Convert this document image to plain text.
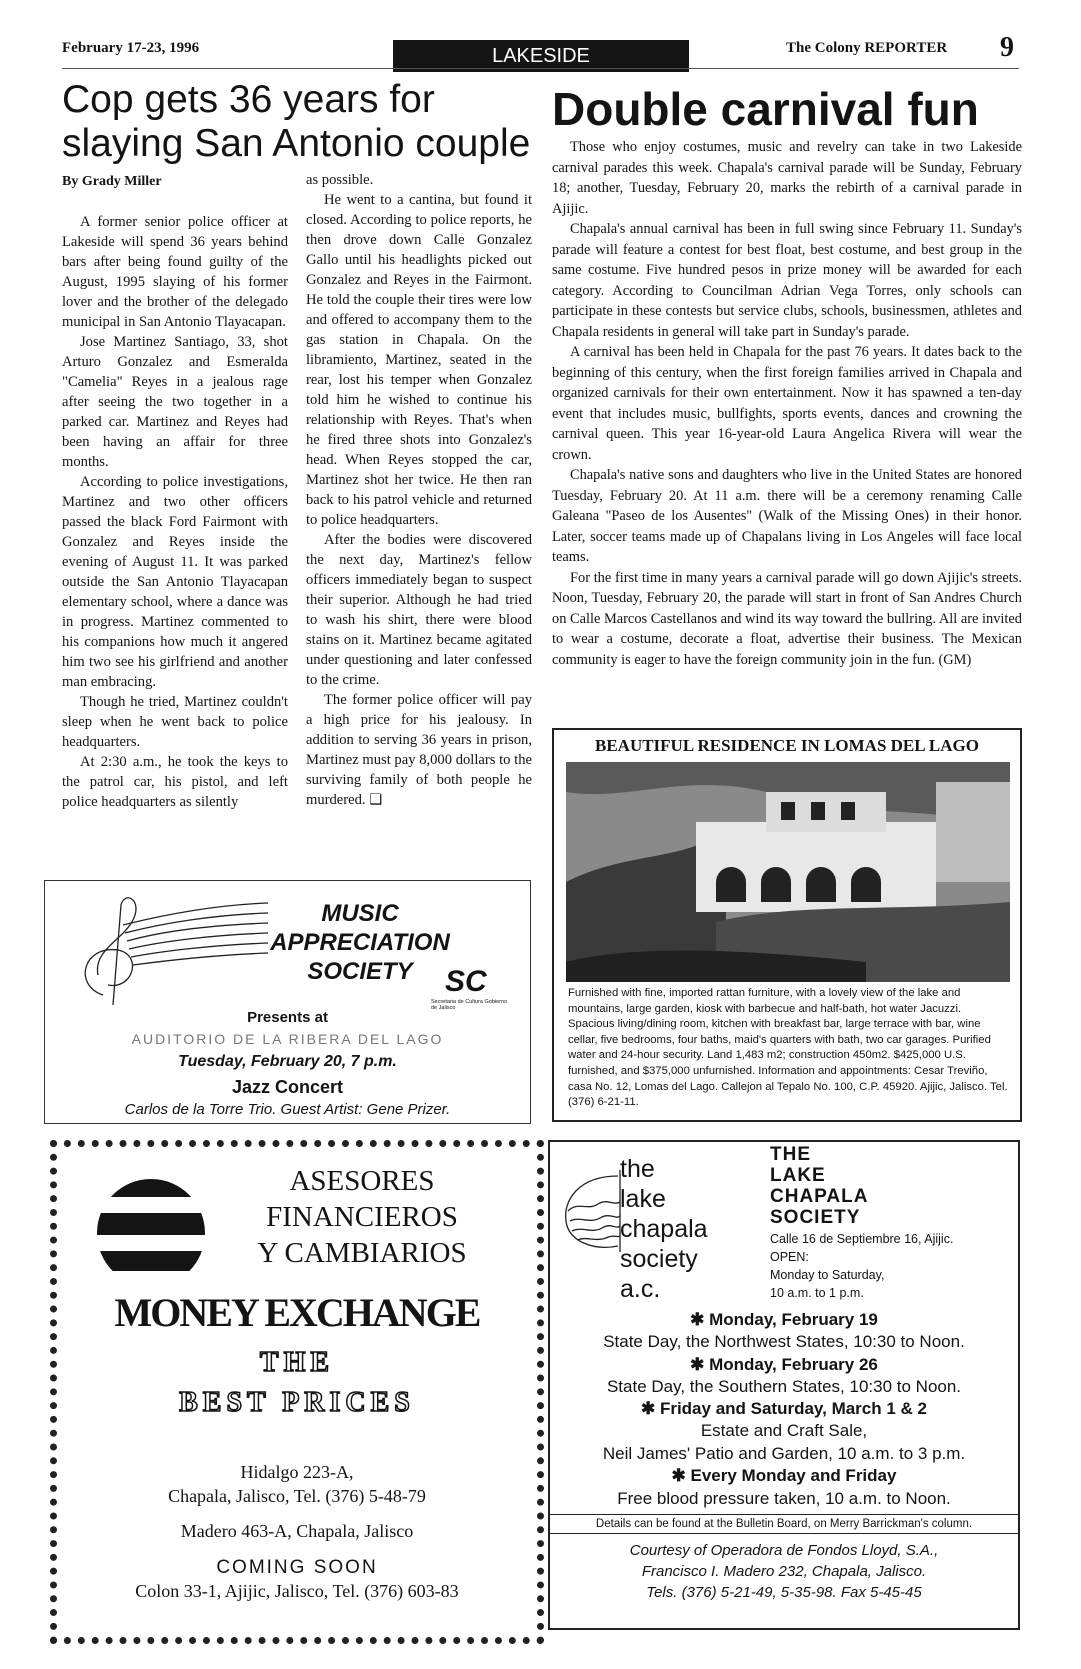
February 17-23, 1996	LAKESIDE	The Colony REPORTER 9
Cop gets 36 years for
slaying San Antonio couple
By Grady Miller

A former senior police officer at Lakeside will spend 36 years behind bars after being found guilty of the August, 1995 slaying of his former lover and the brother of the delegado municipal in San Antonio Tlayacapan.

Jose Martinez Santiago, 33, shot Arturo Gonzalez and Esmeralda "Camelia" Reyes in a jealous rage after seeing the two together in a parked car. Martinez and Reyes had been having an affair for three months.

According to police investigations, Martinez and two other officers passed the black Ford Fairmont with Gonzalez and Reyes inside the evening of August 11. It was parked outside the San Antonio Tlayacapan elementary school, where a dance was in progress. Martinez commented to his companions how much it angered him two see his girlfriend and another man embracing.

Though he tried, Martinez couldn't sleep when he went back to police headquarters.

At 2:30 a.m., he took the keys to the patrol car, his pistol, and left police headquarters as silently

as possible.

He went to a cantina, but found it closed. According to police reports, he then drove down Calle Gonzalez Gallo until his headlights picked out Gonzalez and Reyes in the Fairmont. He told the couple their tires were low and offered to accompany them to the gas station in Chapala. On the libramiento, Martinez, seated in the rear, lost his temper when Gonzalez told him he wished to continue his relationship with Reyes. That's when he fired three shots into Gonzalez's head. When Reyes stopped the car, Martinez shot her twice. He then ran back to his patrol vehicle and returned to police headquarters.

After the bodies were discovered the next day, Martinez's fellow officers immediately began to suspect their superior. Although he had tried to wash his shirt, there were blood stains on it. Martinez became agitated under questioning and later confessed to the crime.

The former police officer will pay a high price for his jealousy. In addition to serving 36 years in prison, Martinez must pay 8,000 dollars to the surviving family of both people he murdered. ❏

Double carnival fun

Those who enjoy costumes, music and revelry can take in two Lakeside carnival parades this week. Chapala's carnival parade will be Sunday, February 18; another, Tuesday, February 20, marks the rebirth of a carnival parade in Ajijic.

Chapala's annual carnival has been in full swing since February 11. Sunday's parade will feature a contest for best float, best costume, and best group in the same costume. Five hundred pesos in prize money will be awarded for each category. According to Councilman Adrian Vega Torres, only schools can participate in these contests but service clubs, schools, businessmen, athletes and Chapala residents in general will take part in Sunday's parade.

A carnival has been held in Chapala for the past 76 years. It dates back to the beginning of this century, when the first foreign families arrived in Chapala and organized carnivals for their own entertainment. Now it has spawned a ten-day event that includes music, bullfights, sports events, dances and crowning the carnival queen. This year 16-year-old Laura Angelica Rivera will wear the crown.

Chapala's native sons and daughters who live in the United States are honored Tuesday, February 20. At 11 a.m. there will be a ceremony renaming Calle Galeana "Paseo de los Ausentes" (Walk of the Missing Ones) in their honor. Later, soccer teams made up of Chapalans living in Los Angeles will face local teams.

For the first time in many years a carnival parade will go down Ajijic's streets. Noon, Tuesday, February 20, the parade will start in front of San Andres Church on Calle Marcos Castellanos and wind its way toward the bullring. All are invited to wear a costume, decorate a float, advertise their business. The Mexican community is eager to have the foreign community join in the fun. (GM)

MUSIC
APPRECIATION
SOCIETY	SC
Secretaria de Cultura Gobierno de Jalisco
Presents at
AUDITORIO DE LA RIBERA DEL LAGO
Tuesday, February 20, 7 p.m.
Jazz Concert
Carlos de la Torre Trio. Guest Artist: Gene Prizer.
BEAUTIFUL RESIDENCE IN LOMAS DEL LAGO
Furnished with fine, imported rattan furniture, with a lovely view of the lake and mountains, large garden, kiosk with barbecue and half-bath, hot water Jacuzzi. Spacious living/dining room, kitchen with breakfast bar, large terrace with bar, wine cellar, five bedrooms, four baths, maid's quarters with bath, two car garages. Purified water and 24-hour security. Land 1,483 m2; construction 450m2. $425,000 U.S. furnished, and $375,000 unfurnished. Information and appointments: Cesar Treviño, casa No. 12, Lomas del Lago. Callejon al Tepalo No. 100, C.P. 45920. Ajijic, Jalisco. Tel. (376) 6-21-11.
ASESORES
FINANCIEROS
Y CAMBIARIOS
MONEY EXCHANGE
THE
BEST PRICES
Hidalgo 223-A,
Chapala, Jalisco, Tel. (376) 5-48-79
Madero 463-A, Chapala, Jalisco
COMING SOON
Colon 33-1, Ajijic, Jalisco, Tel. (376) 603-83
the
lake
chapala
society
a.c.
THE
LAKE
CHAPALA
SOCIETY
Calle 16 de Septiembre 16, Ajijic.
OPEN:
Monday to Saturday,
10 a.m. to 1 p.m.
✱ Monday, February 19
State Day, the Northwest States, 10:30 to Noon.
✱ Monday, February 26
State Day, the Southern States, 10:30 to Noon.
✱ Friday and Saturday, March 1 & 2
Estate and Craft Sale,
Neil James' Patio and Garden, 10 a.m. to 3 p.m.
✱ Every Monday and Friday
Free blood pressure taken, 10 a.m. to Noon.
Details can be found at the Bulletin Board, on Merry Barrickman's column.
Courtesy of Operadora de Fondos Lloyd, S.A.,
Francisco I. Madero 232, Chapala, Jalisco.
Tels. (376) 5-21-49, 5-35-98. Fax 5-45-45
